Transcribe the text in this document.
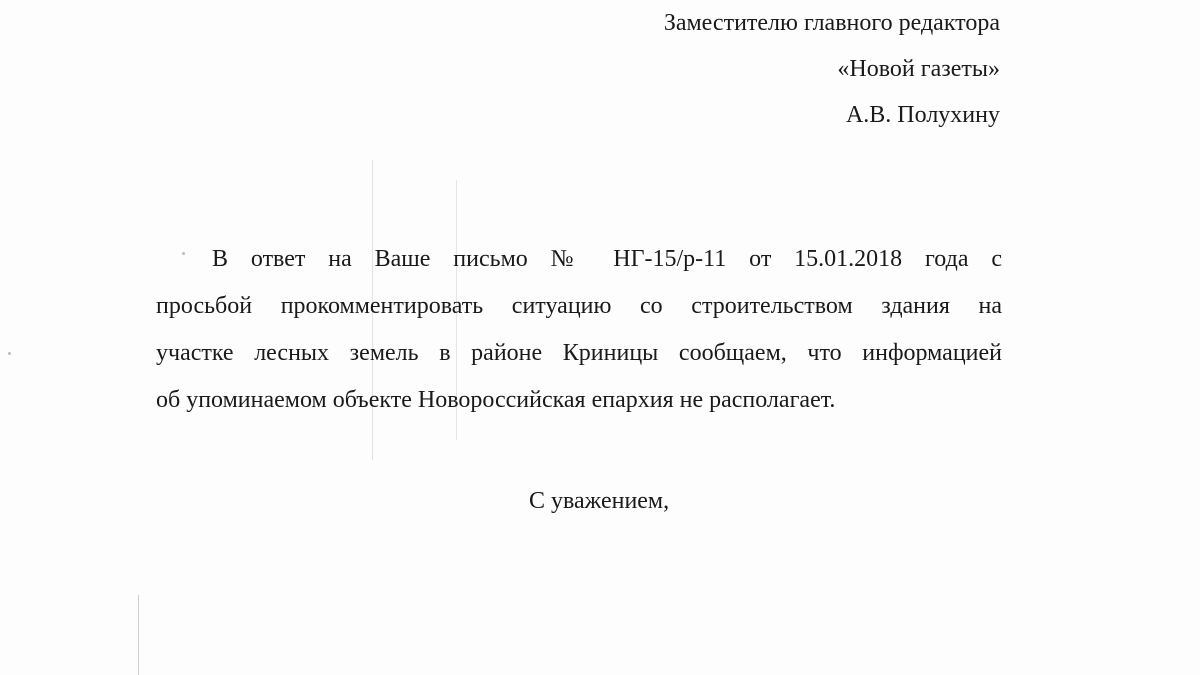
Заместителю главного редактора
«Новой газеты»
А.В. Полухину
В ответ на Ваше письмо № НГ-15/р-11 от 15.01.2018 года с
просьбой прокомментировать ситуацию со строительством здания на
участке лесных земель в районе Криницы сообщаем, что информацией
об упоминаемом объекте Новороссийская епархия не располагает.
С уважением,
